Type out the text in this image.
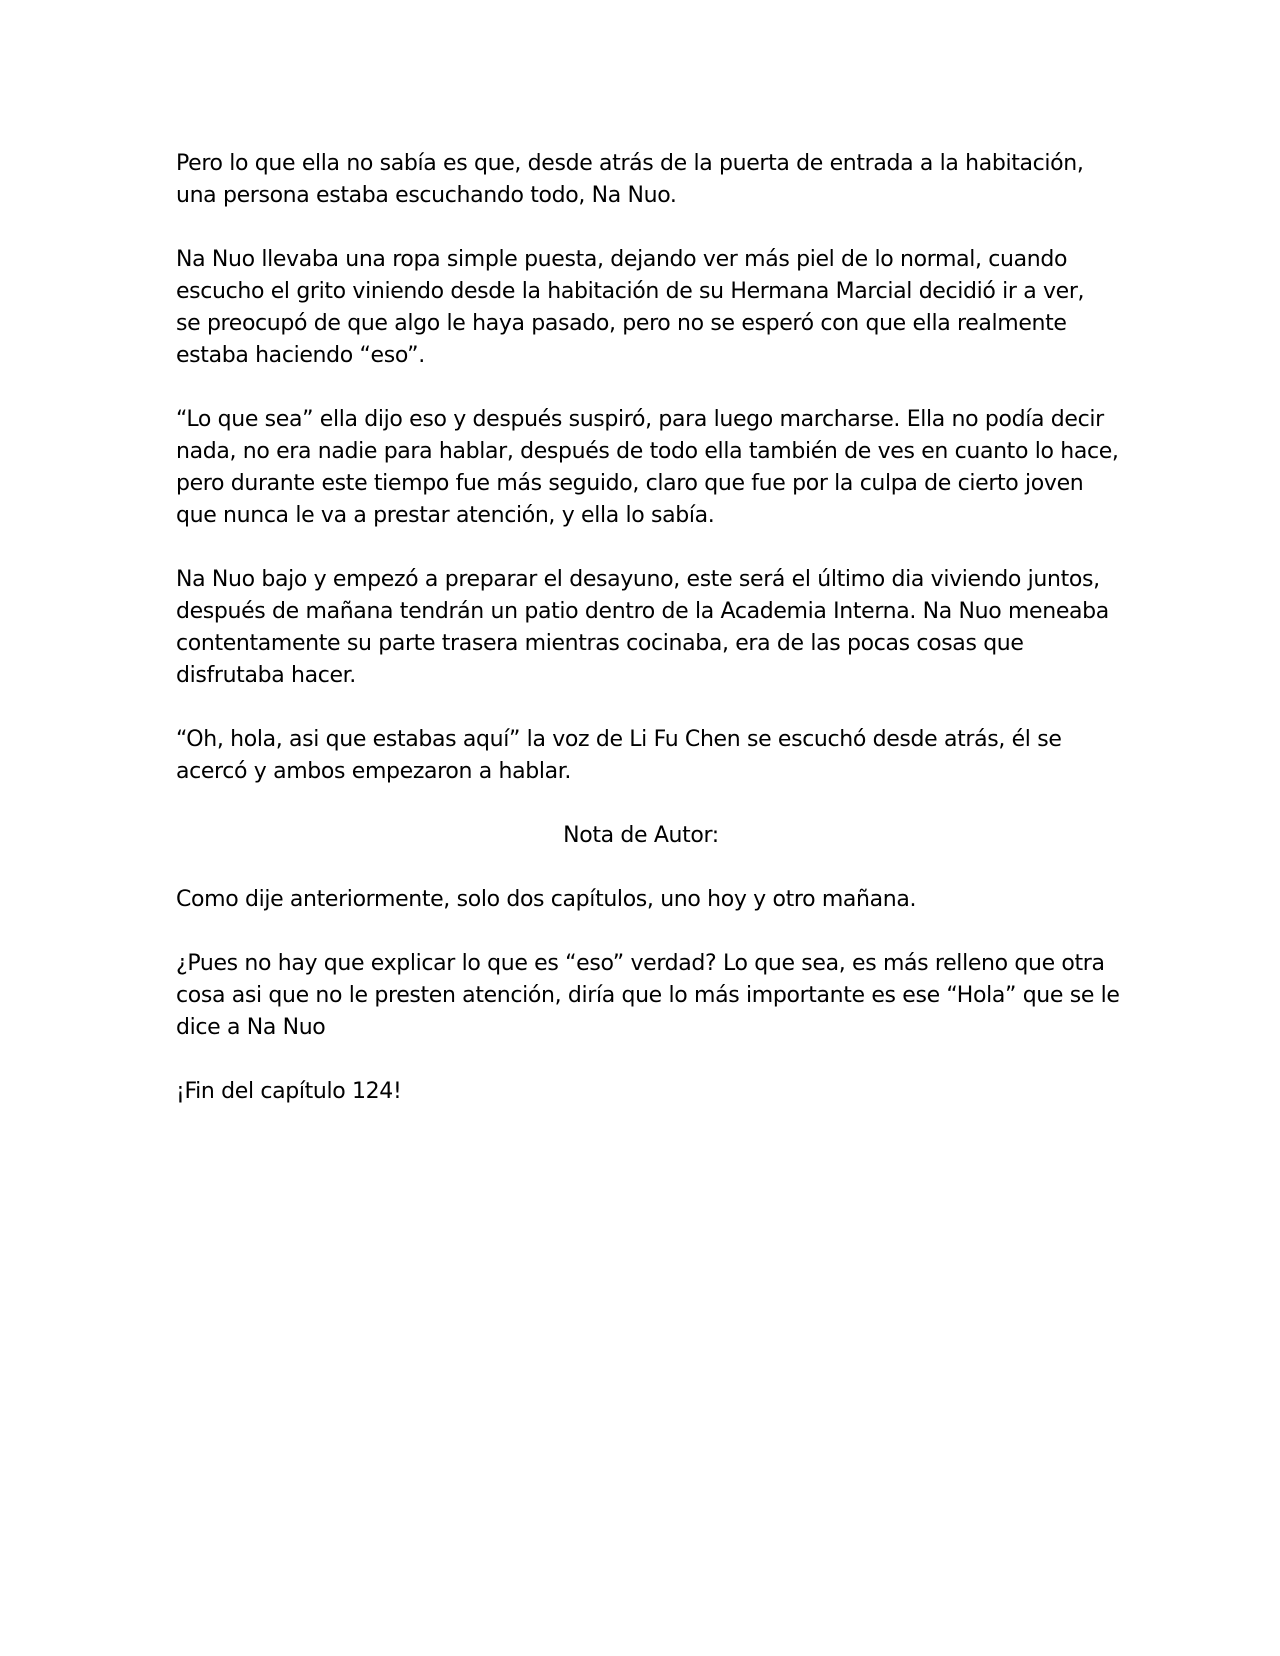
Pero lo que ella no sabía es que, desde atrás de la puerta de entrada a la habitación,
una persona estaba escuchando todo, Na Nuo.

Na Nuo llevaba una ropa simple puesta, dejando ver más piel de lo normal, cuando
escucho el grito viniendo desde la habitación de su Hermana Marcial decidió ir a ver,
se preocupó de que algo le haya pasado, pero no se esperó con que ella realmente
estaba haciendo “eso”.

“Lo que sea” ella dijo eso y después suspiró, para luego marcharse. Ella no podía decir
nada, no era nadie para hablar, después de todo ella también de ves en cuanto lo hace,
pero durante este tiempo fue más seguido, claro que fue por la culpa de cierto joven
que nunca le va a prestar atención, y ella lo sabía.

Na Nuo bajo y empezó a preparar el desayuno, este será el último dia viviendo juntos,
después de mañana tendrán un patio dentro de la Academia Interna. Na Nuo meneaba
contentamente su parte trasera mientras cocinaba, era de las pocas cosas que
disfrutaba hacer.

“Oh, hola, asi que estabas aquí” la voz de Li Fu Chen se escuchó desde atrás, él se
acercó y ambos empezaron a hablar.

Nota de Autor:

Como dije anteriormente, solo dos capítulos, uno hoy y otro mañana.

¿Pues no hay que explicar lo que es “eso” verdad? Lo que sea, es más relleno que otra
cosa asi que no le presten atención, diría que lo más importante es ese “Hola” que se le
dice a Na Nuo

¡Fin del capítulo 124!
